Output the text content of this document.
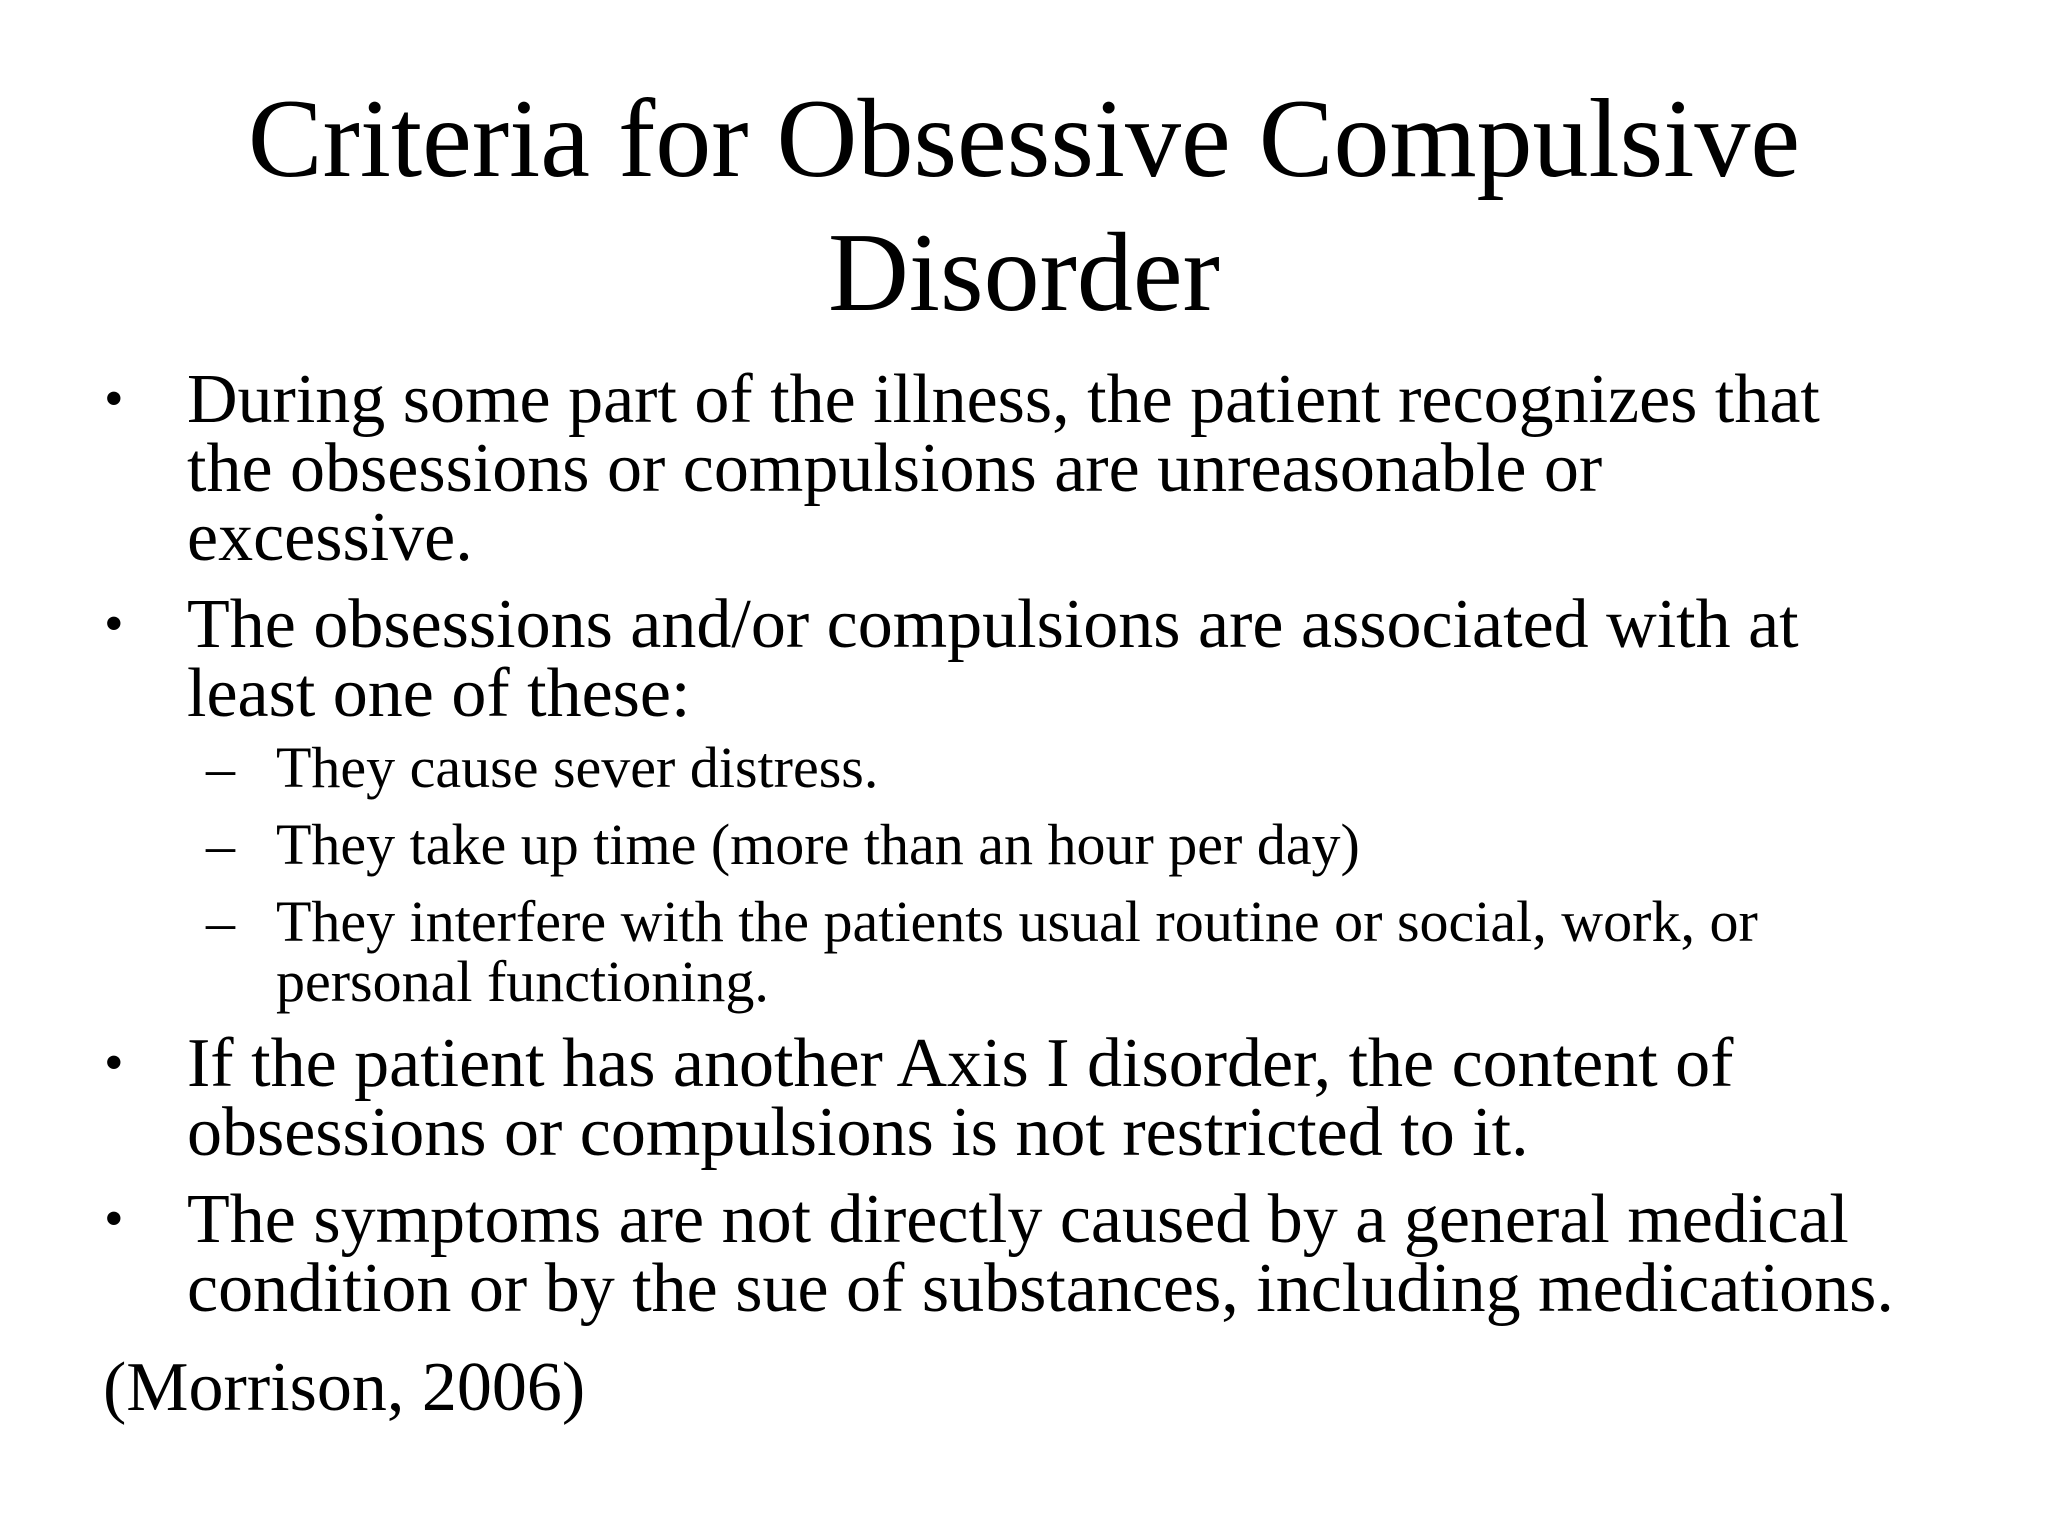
Criteria for Obsessive Compulsive
Disorder
• During some part of the illness, the patient recognizes that
the obsessions or compulsions are unreasonable or
excessive.
• The obsessions and/or compulsions are associated with at
least one of these:
– They cause sever distress.
– They take up time (more than an hour per day)
– They interfere with the patients usual routine or social, work, or
personal functioning.
• If the patient has another Axis I disorder, the content of
obsessions or compulsions is not restricted to it.
• The symptoms are not directly caused by a general medical
condition or by the sue of substances, including medications.
(Morrison, 2006)
